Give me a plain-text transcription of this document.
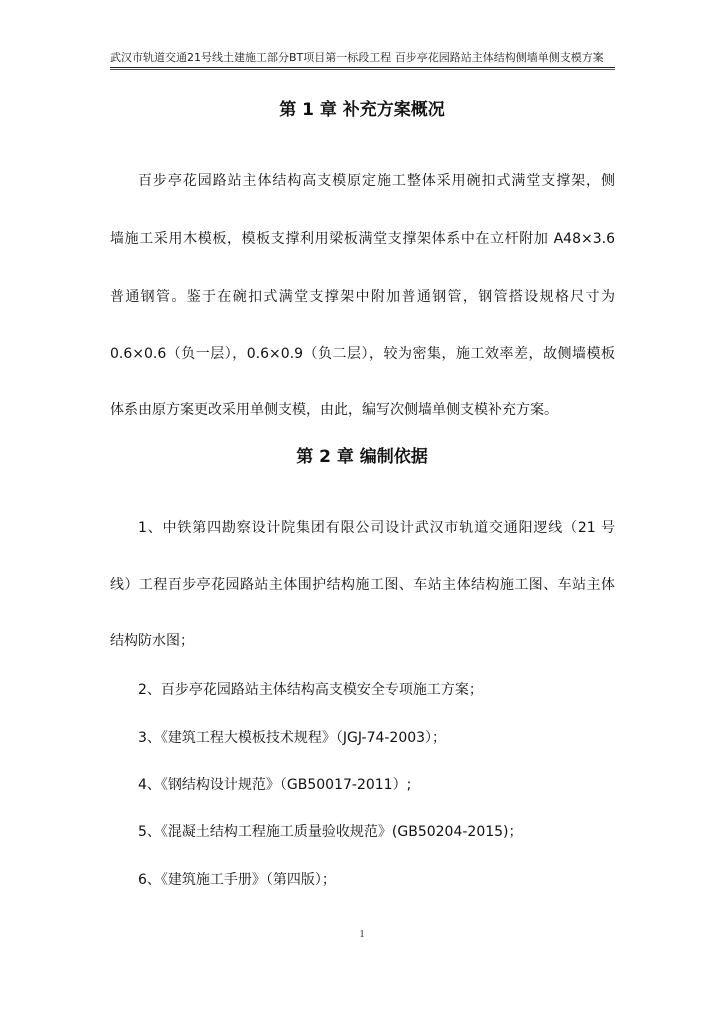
武汉市轨道交通21号线土建施工部分BT项目第一标段工程 百步亭花园路站主体结构侧墙单侧支模方案
第 1 章 补充方案概况
百步亭花园路站主体结构高支模原定施工整体采用碗扣式满堂支撑架，侧
墙施工采用木模板，模板支撑利用梁板满堂支撑架体系中在立杆附加 A48×3.6
普通钢管。鉴于在碗扣式满堂支撑架中附加普通钢管，钢管搭设规格尺寸为
0.6×0.6（负一层），0.6×0.9（负二层），较为密集，施工效率差，故侧墙模板
体系由原方案更改采用单侧支模，由此，编写次侧墙单侧支模补充方案。
第 2 章 编制依据
1、中铁第四勘察设计院集团有限公司设计武汉市轨道交通阳逻线（21 号
线）工程百步亭花园路站主体围护结构施工图、车站主体结构施工图、车站主体
结构防水图；
2、百步亭花园路站主体结构高支模安全专项施工方案；
3、《建筑工程大模板技术规程》（JGJ-74-2003）；
4、《钢结构设计规范》（GB50017-2011）;
5、《混凝土结构工程施工质量验收规范》(GB50204-2015)；
6、《建筑施工手册》（第四版）；
1
